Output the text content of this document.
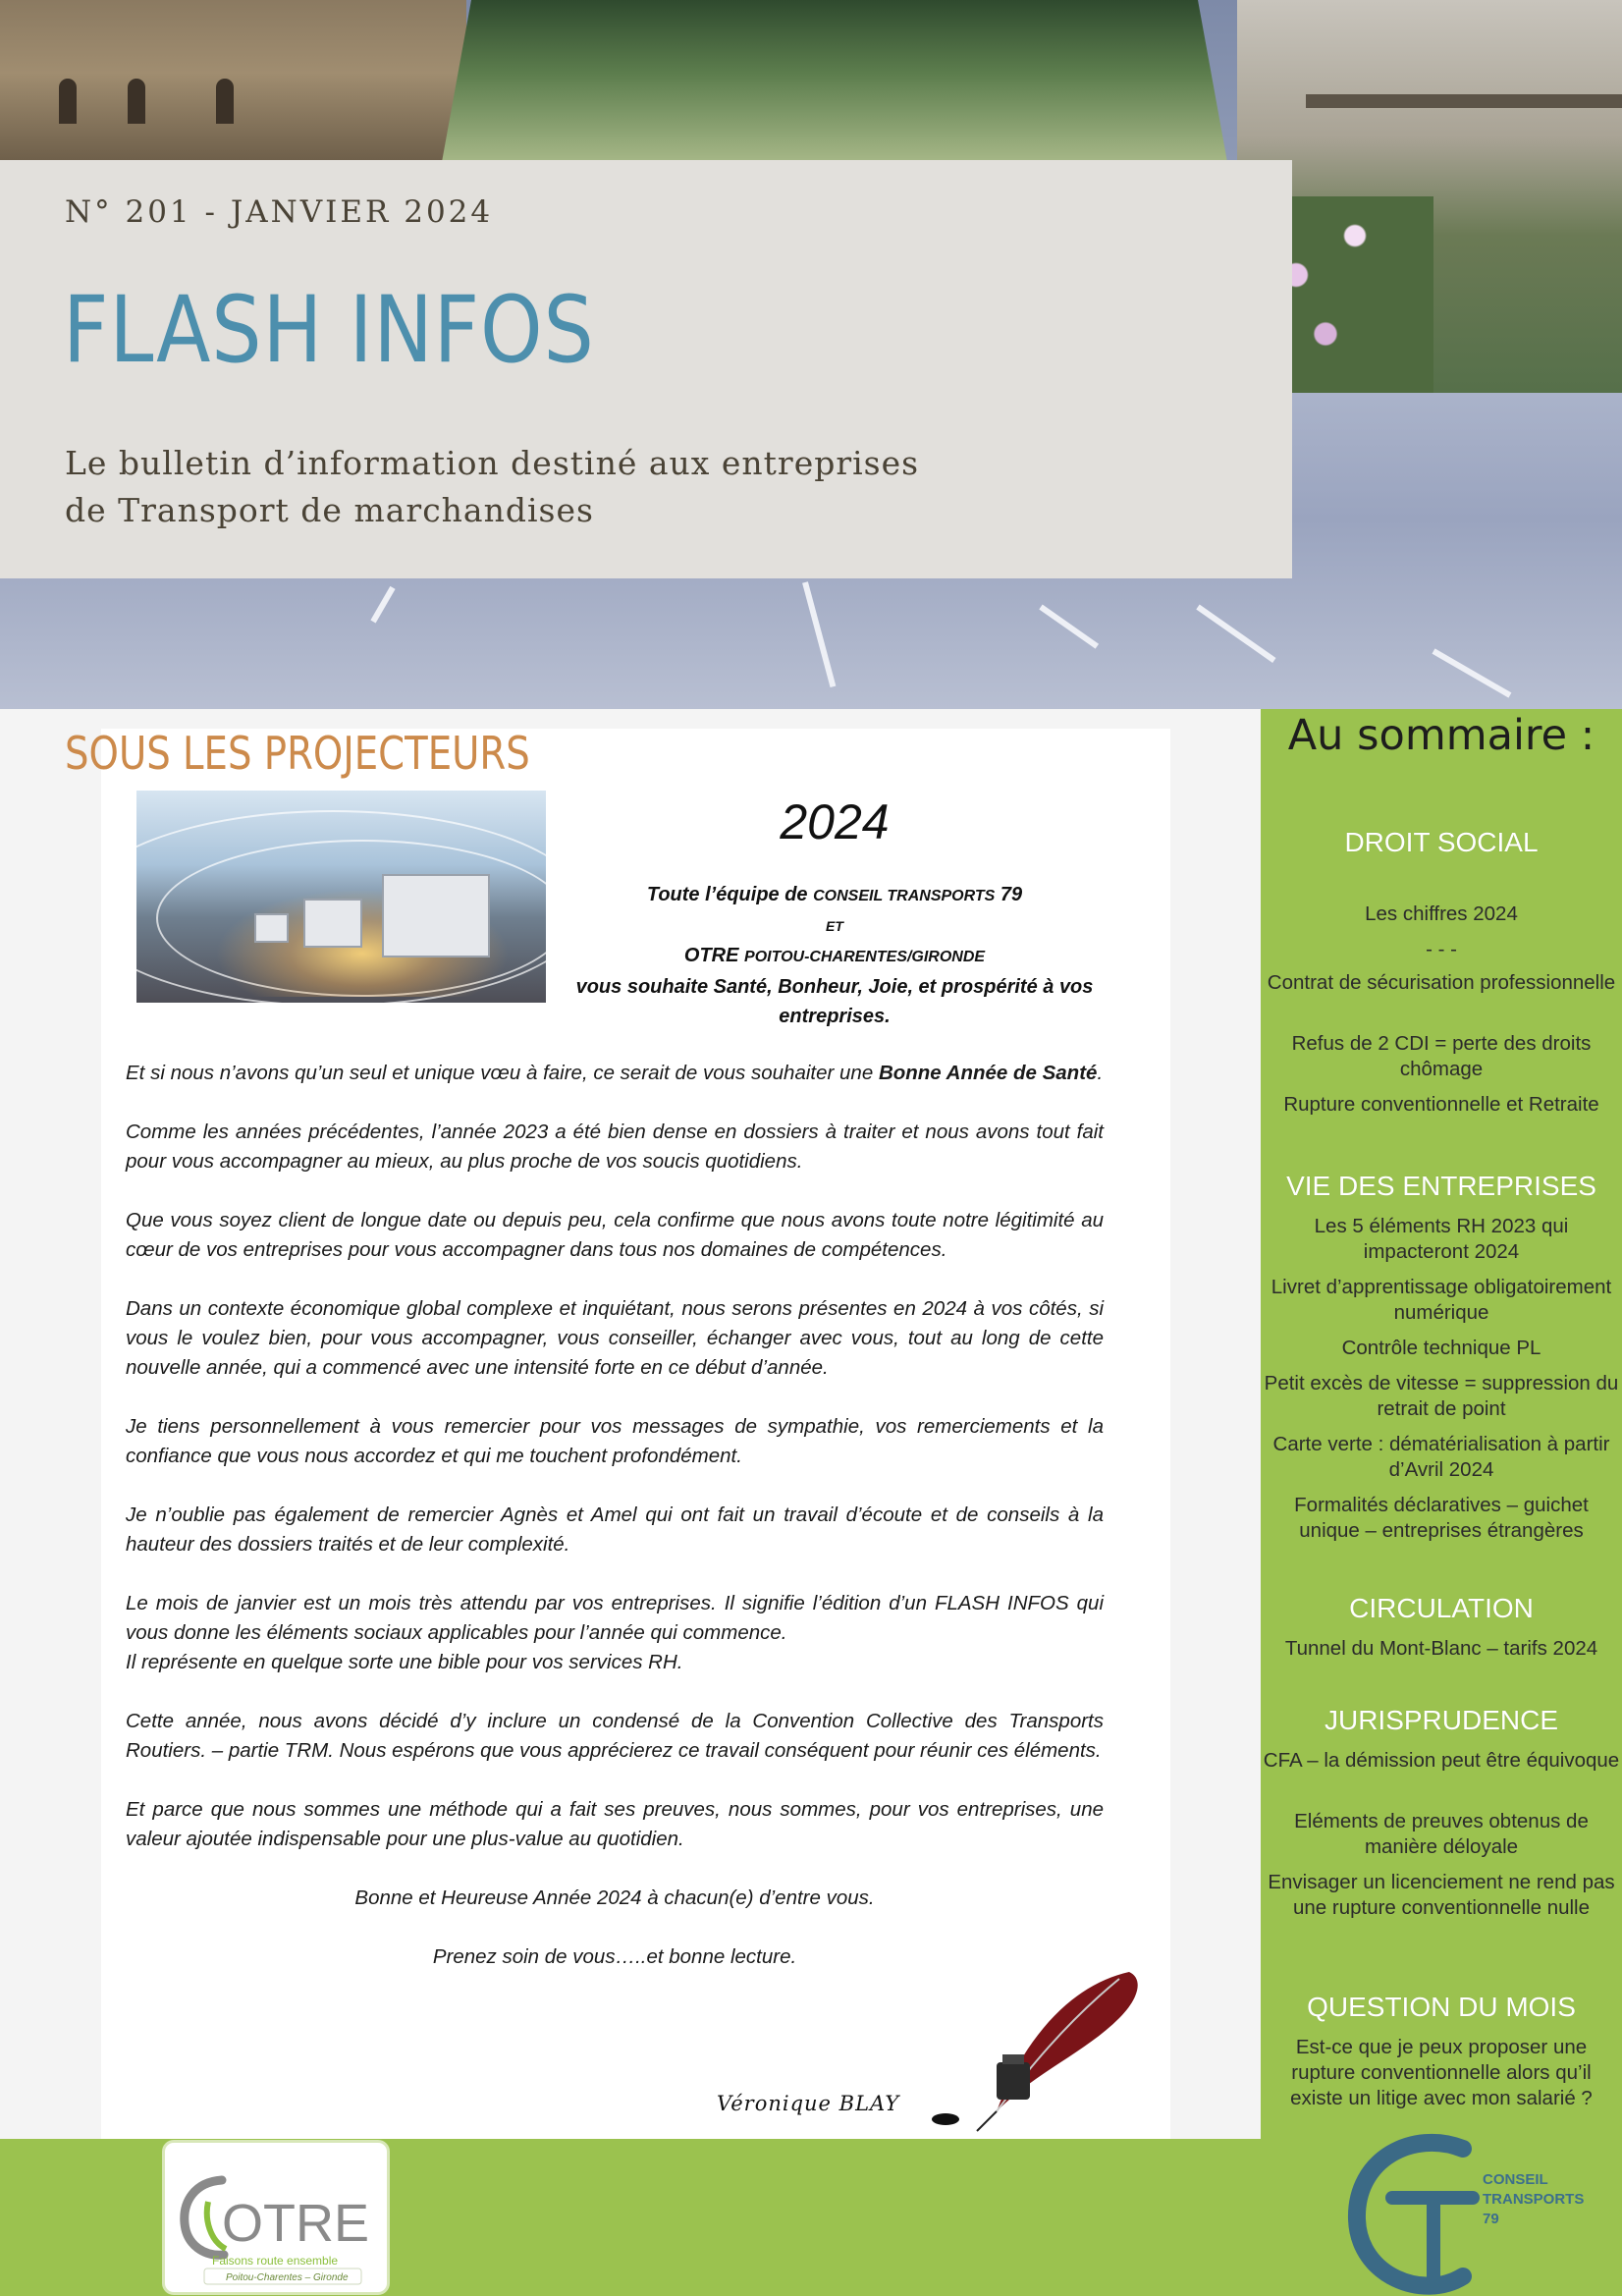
N° 201 - JANVIER 2024
FLASH INFOS
Le bulletin d’information destiné aux entreprises
de Transport de marchandises
SOUS LES PROJECTEURS
2024
Toute l’équipe de CONSEIL TRANSPORTS 79
ET
OTRE POITOU-CHARENTES/GIRONDE
vous souhaite Santé, Bonheur, Joie, et prospérité à vos entreprises.

Et si nous n’avons qu’un seul et unique vœu à faire, ce serait de vous souhaiter une Bonne Année de Santé.

Comme les années précédentes, l’année 2023 a été bien dense en dossiers à traiter et nous avons tout fait pour vous accompagner au mieux, au plus proche de vos soucis quotidiens.

Que vous soyez client de longue date ou depuis peu, cela confirme que nous avons toute notre légitimité au cœur de vos entreprises pour vous accompagner dans tous nos domaines de compétences.

Dans un contexte économique global complexe et inquiétant, nous serons présentes en 2024 à vos côtés, si vous le voulez bien, pour vous accompagner, vous conseiller, échanger avec vous, tout au long de cette nouvelle année, qui a commencé avec une intensité forte en ce début d’année.

Je tiens personnellement à vous remercier pour vos messages de sympathie, vos remerciements et la confiance que vous nous accordez et qui me touchent profondément.

Je n’oublie pas également de remercier Agnès et Amel qui ont fait un travail d’écoute et de conseils à la hauteur des dossiers traités et de leur complexité.

Le mois de janvier est un mois très attendu par vos entreprises. Il signifie l’édition d’un FLASH INFOS qui vous donne les éléments sociaux applicables pour l’année qui commence.
Il représente en quelque sorte une bible pour vos services RH.

Cette année, nous avons décidé d’y inclure un condensé de la Convention Collective des Transports Routiers. – partie TRM. Nous espérons que vous apprécierez ce travail conséquent pour réunir ces éléments.

Et parce que nous sommes une méthode qui a fait ses preuves, nous sommes, pour vos entreprises, une valeur ajoutée indispensable pour une plus-value au quotidien.

Bonne et Heureuse Année 2024 à chacun(e) d’entre vous.

Prenez soin de vous…..et bonne lecture.

Véronique BLAY
Au sommaire :
DROIT SOCIAL
Les chiffres 2024
- - -
Contrat de sécurisation professionnelle
Refus de 2 CDI = perte des droits chômage
Rupture conventionnelle et Retraite
VIE DES ENTREPRISES
Les 5 éléments RH 2023 qui impacteront 2024
Livret d’apprentissage obligatoirement numérique
Contrôle technique PL
Petit excès de vitesse = suppression du retrait de point
Carte verte : dématérialisation à partir d’Avril 2024
Formalités déclaratives – guichet unique – entreprises étrangères
CIRCULATION
Tunnel du Mont-Blanc – tarifs 2024
JURISPRUDENCE
CFA – la démission peut être équivoque
Eléments de preuves obtenus de manière déloyale
Envisager un licenciement ne rend pas une rupture conventionnelle nulle
QUESTION DU MOIS
Est-ce que je peux proposer une rupture conventionnelle alors qu’il existe un litige avec mon salarié ?
OTRE
Faisons route ensemble
Poitou-Charentes – Gironde
CONSEIL
TRANSPORTS
79
